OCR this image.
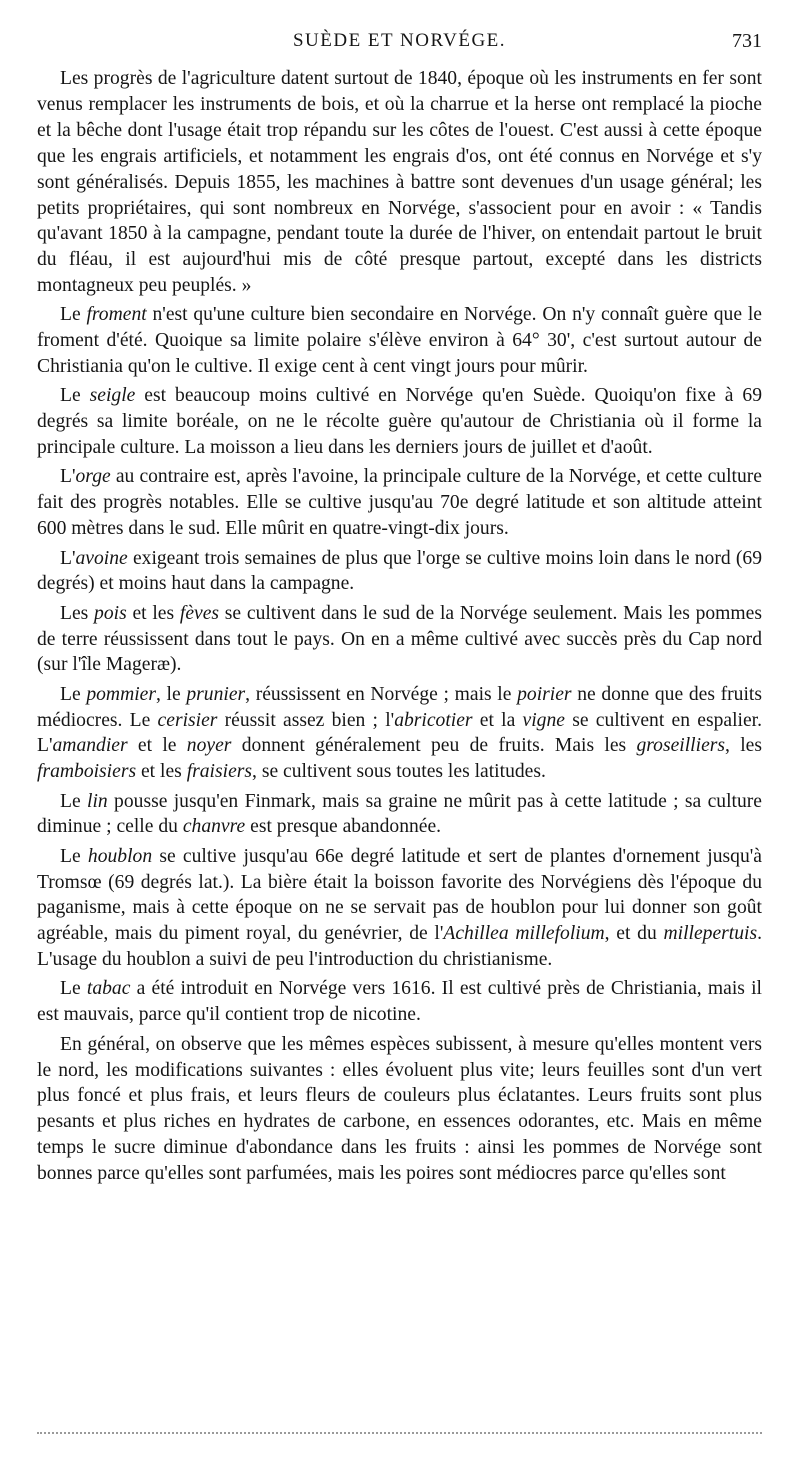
SUÈDE ET NORVÉGE.	731

Les progrès de l'agriculture datent surtout de 1840, époque où les instruments en fer sont venus remplacer les instruments de bois, et où la charrue et la herse ont remplacé la pioche et la bêche dont l'usage était trop répandu sur les côtes de l'ouest. C'est aussi à cette époque que les engrais artificiels, et notamment les engrais d'os, ont été connus en Norvége et s'y sont généralisés. Depuis 1855, les machines à battre sont devenues d'un usage général; les petits propriétaires, qui sont nombreux en Norvége, s'associent pour en avoir : « Tandis qu'avant 1850 à la campagne, pendant toute la durée de l'hiver, on entendait partout le bruit du fléau, il est aujourd'hui mis de côté presque partout, excepté dans les districts montagneux peu peuplés. »

Le froment n'est qu'une culture bien secondaire en Norvége. On n'y connaît guère que le froment d'été. Quoique sa limite polaire s'élève environ à 64° 30', c'est surtout autour de Christiania qu'on le cultive. Il exige cent à cent vingt jours pour mûrir.

Le seigle est beaucoup moins cultivé en Norvége qu'en Suède. Quoiqu'on fixe à 69 degrés sa limite boréale, on ne le récolte guère qu'autour de Christiania où il forme la principale culture. La moisson a lieu dans les derniers jours de juillet et d'août.

L'orge au contraire est, après l'avoine, la principale culture de la Norvége, et cette culture fait des progrès notables. Elle se cultive jusqu'au 70e degré latitude et son altitude atteint 600 mètres dans le sud. Elle mûrit en quatre-vingt-dix jours.

L'avoine exigeant trois semaines de plus que l'orge se cultive moins loin dans le nord (69 degrés) et moins haut dans la campagne.

Les pois et les fèves se cultivent dans le sud de la Norvége seulement. Mais les pommes de terre réussissent dans tout le pays. On en a même cultivé avec succès près du Cap nord (sur l'île Mageræ).

Le pommier, le prunier, réussissent en Norvége ; mais le poirier ne donne que des fruits médiocres. Le cerisier réussit assez bien ; l'abricotier et la vigne se cultivent en espalier. L'amandier et le noyer donnent généralement peu de fruits. Mais les groseilliers, les framboisiers et les fraisiers, se cultivent sous toutes les latitudes.

Le lin pousse jusqu'en Finmark, mais sa graine ne mûrit pas à cette latitude ; sa culture diminue ; celle du chanvre est presque abandonnée.

Le houblon se cultive jusqu'au 66e degré latitude et sert de plantes d'ornement jusqu'à Tromsœ (69 degrés lat.). La bière était la boisson favorite des Norvégiens dès l'époque du paganisme, mais à cette époque on ne se servait pas de houblon pour lui donner son goût agréable, mais du piment royal, du genévrier, de l'Achillea millefolium, et du millepertuis. L'usage du houblon a suivi de peu l'introduction du christianisme.

Le tabac a été introduit en Norvége vers 1616. Il est cultivé près de Christiania, mais il est mauvais, parce qu'il contient trop de nicotine.

En général, on observe que les mêmes espèces subissent, à mesure qu'elles montent vers le nord, les modifications suivantes : elles évoluent plus vite; leurs feuilles sont d'un vert plus foncé et plus frais, et leurs fleurs de couleurs plus éclatantes. Leurs fruits sont plus pesants et plus riches en hydrates de carbone, en essences odorantes, etc. Mais en même temps le sucre diminue d'abondance dans les fruits : ainsi les pommes de Norvége sont bonnes parce qu'elles sont parfumées, mais les poires sont médiocres parce qu'elles sont
